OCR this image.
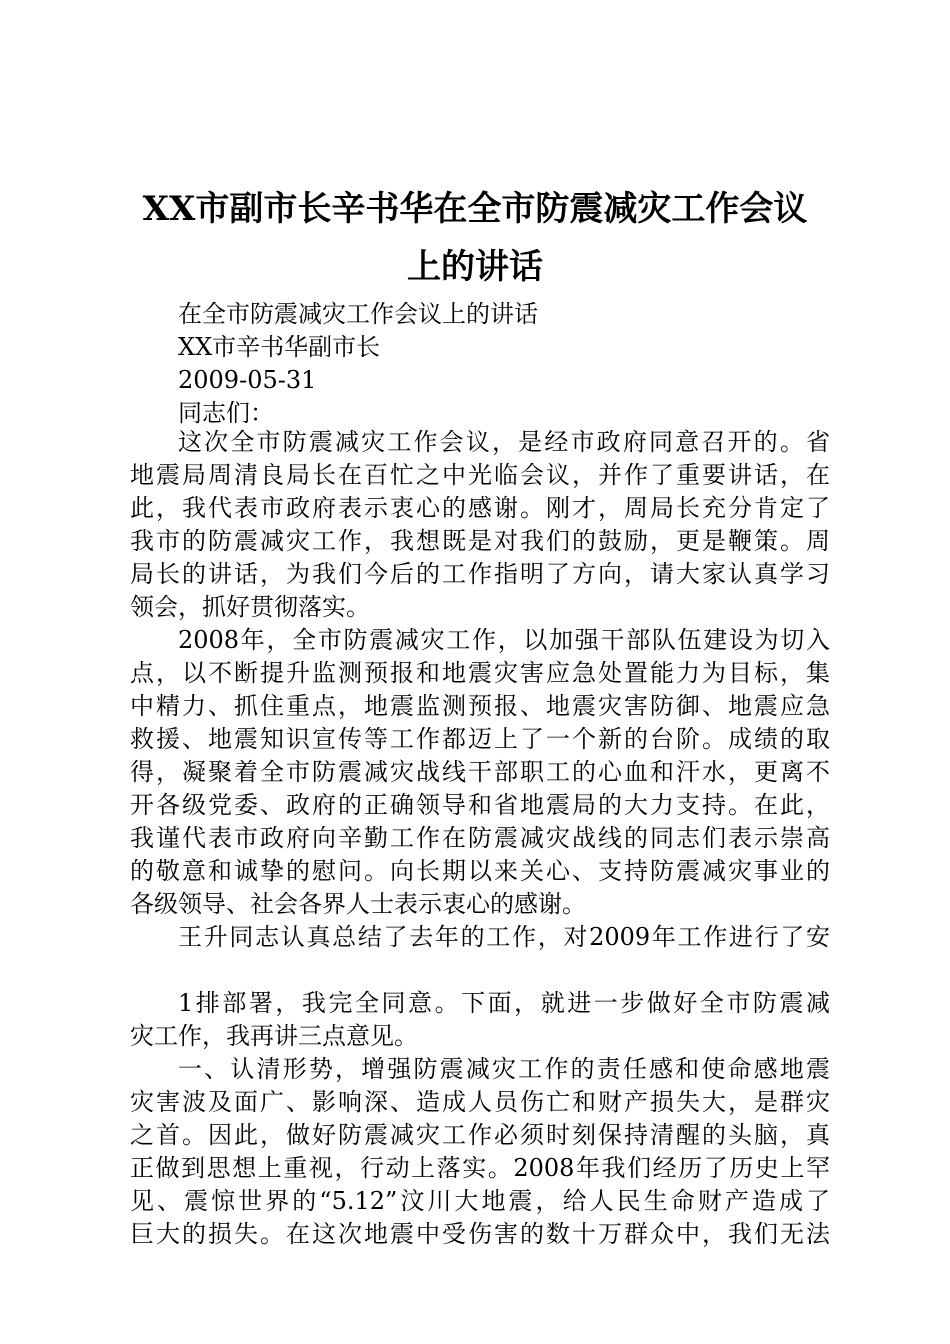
XX市副市长辛书华在全市防震减灾工作会议
上的讲话
在全市防震减灾工作会议上的讲话
XX市辛书华副市长
2009-05-31
同志们：
这次全市防震减灾工作会议，是经市政府同意召开的。省
地震局周清良局长在百忙之中光临会议，并作了重要讲话，在
此，我代表市政府表示衷心的感谢。刚才，周局长充分肯定了
我市的防震减灾工作，我想既是对我们的鼓励，更是鞭策。周
局长的讲话，为我们今后的工作指明了方向，请大家认真学习
领会，抓好贯彻落实。
2008年，全市防震减灾工作，以加强干部队伍建设为切入
点，以不断提升监测预报和地震灾害应急处置能力为目标，集
中精力、抓住重点，地震监测预报、地震灾害防御、地震应急
救援、地震知识宣传等工作都迈上了一个新的台阶。成绩的取
得，凝聚着全市防震减灾战线干部职工的心血和汗水，更离不
开各级党委、政府的正确领导和省地震局的大力支持。在此，
我谨代表市政府向辛勤工作在防震减灾战线的同志们表示崇高
的敬意和诚挚的慰问。向长期以来关心、支持防震减灾事业的
各级领导、社会各界人士表示衷心的感谢。
王升同志认真总结了去年的工作，对2009年工作进行了安
1排部署，我完全同意。下面，就进一步做好全市防震减
灾工作，我再讲三点意见。
一、认清形势，增强防震减灾工作的责任感和使命感地震
灾害波及面广、影响深、造成人员伤亡和财产损失大，是群灾
之首。因此，做好防震减灾工作必须时刻保持清醒的头脑，真
正做到思想上重视，行动上落实。2008年我们经历了历史上罕
见、震惊世界的“5.12”汶川大地震，给人民生命财产造成了
巨大的损失。在这次地震中受伤害的数十万群众中，我们无法
